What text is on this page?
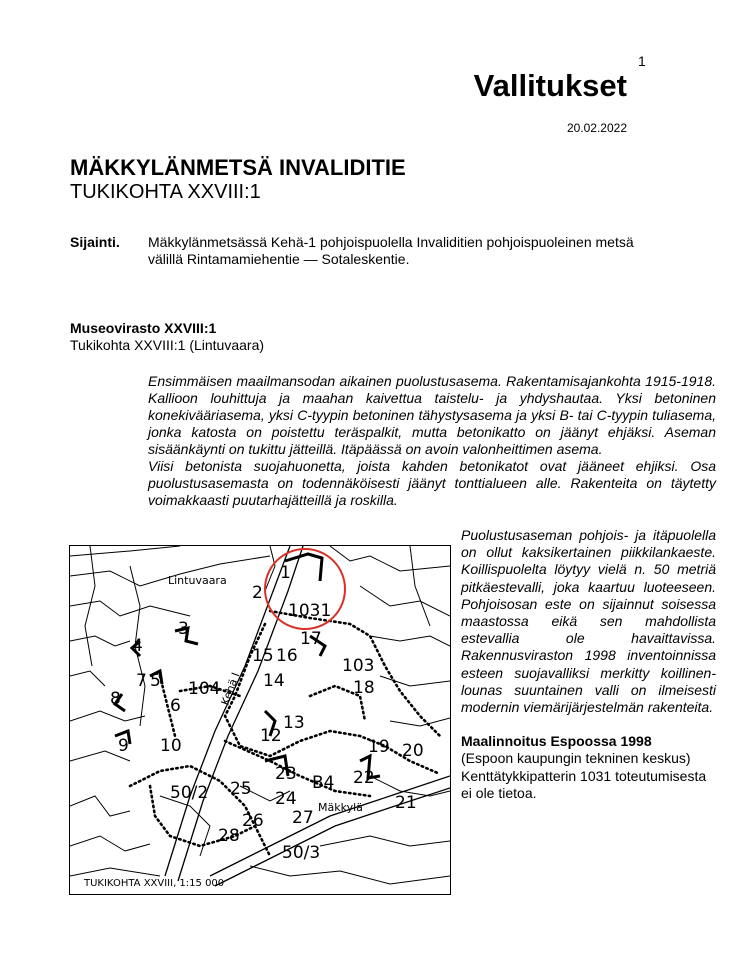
1
Vallitukset
20.02.2022
MÄKKYLÄNMETSÄ INVALIDITIE
TUKIKOHTA XXVIII:1
Sijainti. Mäkkylänmetsässä Kehä-1 pohjoispuolella Invaliditien pohjoispuoleinen metsä välillä Rintamamiehentie — Sotaleskentie.
Museovirasto XXVIII:1
Tukikohta XXVIII:1 (Lintuvaara)

Ensimmäisen maailmansodan aikainen puolustusasema. Rakentamisajankohta 1915-1918. Kallioon louhittuja ja maahan kaivettua taistelu- ja yhdyshautaa. Yksi betoninen konekivääriasema, yksi C-tyypin betoninen tähystysasema ja yksi B- tai C-tyypin tuliasema, jonka katosta on poistettu teräspalkit, mutta betonikatto on jäänyt ehjäksi. Aseman sisäänkäynti on tukittu jätteillä. Itäpäässä on avoin valonheittimen asema.

Viisi betonista suojahuonetta, joista kahden betonikatot ovat jääneet ehjiksi. Osa puolustusasemasta on todennäköisesti jäänyt tonttialueen alle. Rakenteita on täytetty voimakkaasti puutarhajätteillä ja roskilla.

Lintuvaara
Mäkkylä
Kehä I
1
2
3
4
5
6
7
8
9 10	12
13
14
15 16
17
18
19 20
21
22
23
24
25
26 27
28
103
104
1031
B4
50/2
50/3
TUKIKOHTA XXVIII, 1:15 000

Puolustusaseman pohjois- ja itäpuolella on ollut kaksikertainen piikkilankaeste. Koillispuolelta löytyy vielä n. 50 metriä pitkäestevalli, joka kaartuu luoteeseen. Pohjoisosan este on sijainnut soisessa maastossa eikä sen mahdollista estevallia ole havaittavissa. Rakennusviraston 1998 inventoinnissa esteen suojavalliksi merkitty koillinen-lounas suuntainen valli on ilmeisesti modernin viemärijärjestelmän rakenteita.

Maalinnoitus Espoossa 1998

(Espoon kaupungin tekninen keskus)

Kenttätykkipatterin 1031 toteutumisesta ei ole tietoa.
